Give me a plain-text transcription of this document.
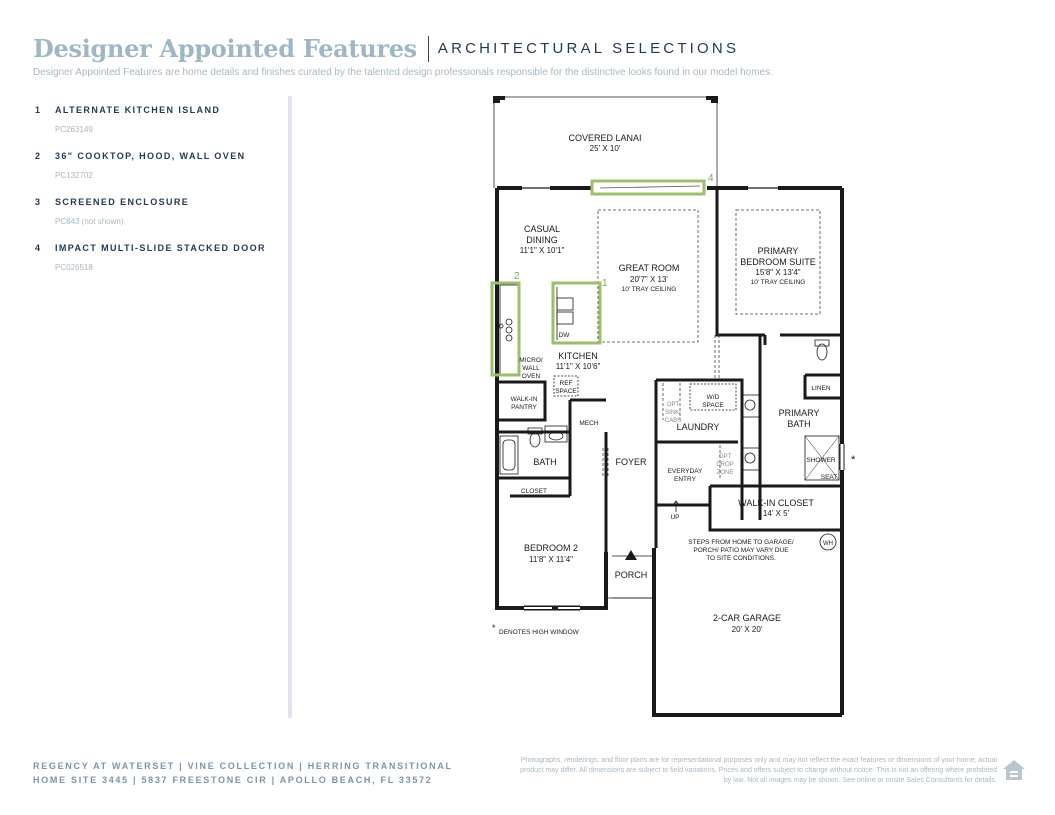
Designer Appointed Features ARCHITECTURAL SELECTIONS
Designer Appointed Features are home details and finishes curated by the talented design professionals responsible for the distinctive looks found in our model homes.
1 ALTERNATE KITCHEN ISLAND
PC263149
2 36" COOKTOP, HOOD, WALL OVEN
PC132702
3 SCREENED ENCLOSURE
PC843 (not shown)
4 IMPACT MULTI-SLIDE STACKED DOOR
PC026518
4
2
1
COVERED LANAI
25' X 10'
CASUAL
DINING
11'1" X 10'1"
GREAT ROOM
20'7" X 13'
10' TRAY CEILING
PRIMARY
BEDROOM SUITE
15'8" X 13'4"
10' TRAY CEILING
KITCHEN
11'1" X 10'6"
MICRO/
WALL
OVEN
DW
REF
SPACE
WALK-IN
PANTRY
MECH
OPT
SINK/
CABS
W/D
SPACE
LAUNDRY
LINEN
PRIMARY
BATH
BATH	FOYER	OPT
DROP
ZONE
EVERYDAY
ENTRY
SHOWER
SEAT
CLOSET
WALK-IN CLOSET
14' X 5'
UP
WH
STEPS FROM HOME TO GARAGE/
PORCH/ PATIO MAY VARY DUE
TO SITE CONDITIONS.
BEDROOM 2
11'8" X 11'4"
PORCH
2-CAR GARAGE
20' X 20'
*
* DENOTES HIGH WINDOW
REGENCY AT WATERSET | VINE COLLECTION | HERRING TRANSITIONAL
HOME SITE 3445 | 5837 FREESTONE CIR | APOLLO BEACH, FL 33572
Photographs, renderings, and floor plans are for representational purposes only and may not reflect the exact features or dimensions of your home; actual product may differ. All dimensions are subject to field variations. Prices and offers subject to change without notice. This is not an offering where prohibited by law. Not all images may be shown. See online or onsite Sales Consultants for details.
